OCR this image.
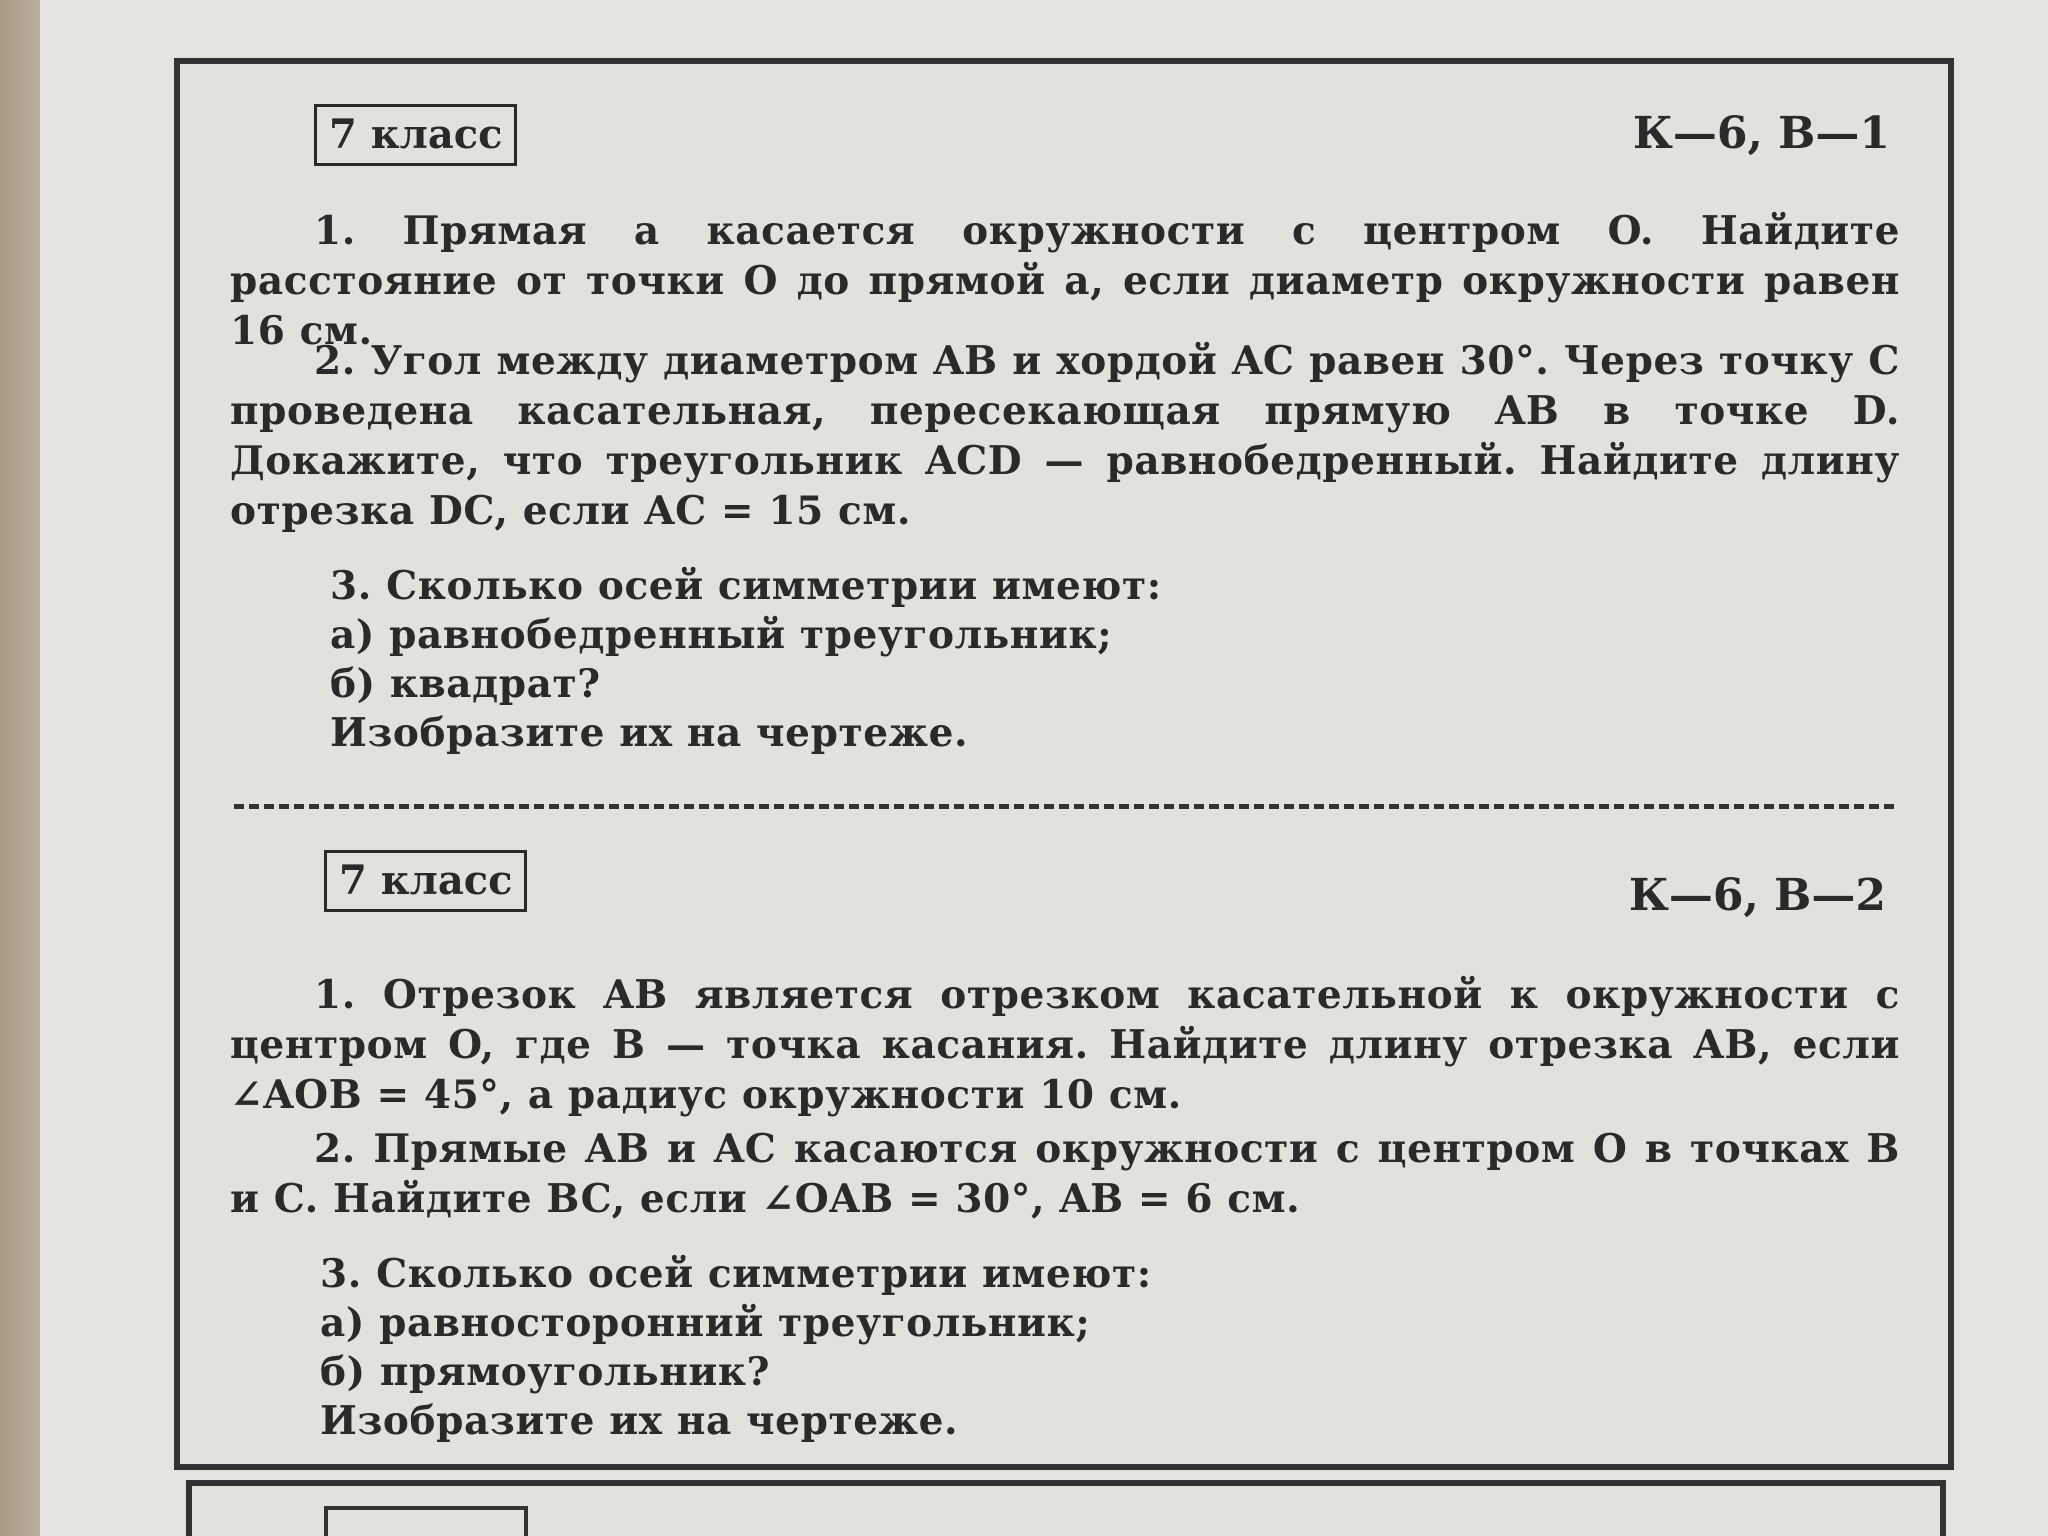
7 класс	К—6, В—1
1. Прямая a касается окружности с центром O. Найдите расстояние от точки O до прямой a, если диаметр окружности равен 16 см.
2. Угол между диаметром AB и хордой AC равен 30°. Через точку C проведена касательная, пересекающая прямую AB в точке D. Докажите, что треугольник ACD — равнобедренный. Найдите длину отрезка DC, если AC = 15 см.
3. Сколько осей симметрии имеют:
а) равнобедренный треугольник;
б) квадрат?
Изобразите их на чертеже.
7 класс	К—6, В—2
1. Отрезок AB является отрезком касательной к окружности с центром O, где B — точка касания. Найдите длину отрезка AB, если ∠AOB = 45°, а радиус окружности 10 см.
2. Прямые AB и AC касаются окружности с центром O в точках B и C. Найдите BC, если ∠OAB = 30°, AB = 6 см.
3. Сколько осей симметрии имеют:
а) равносторонний треугольник;
б) прямоугольник?
Изобразите их на чертеже.
